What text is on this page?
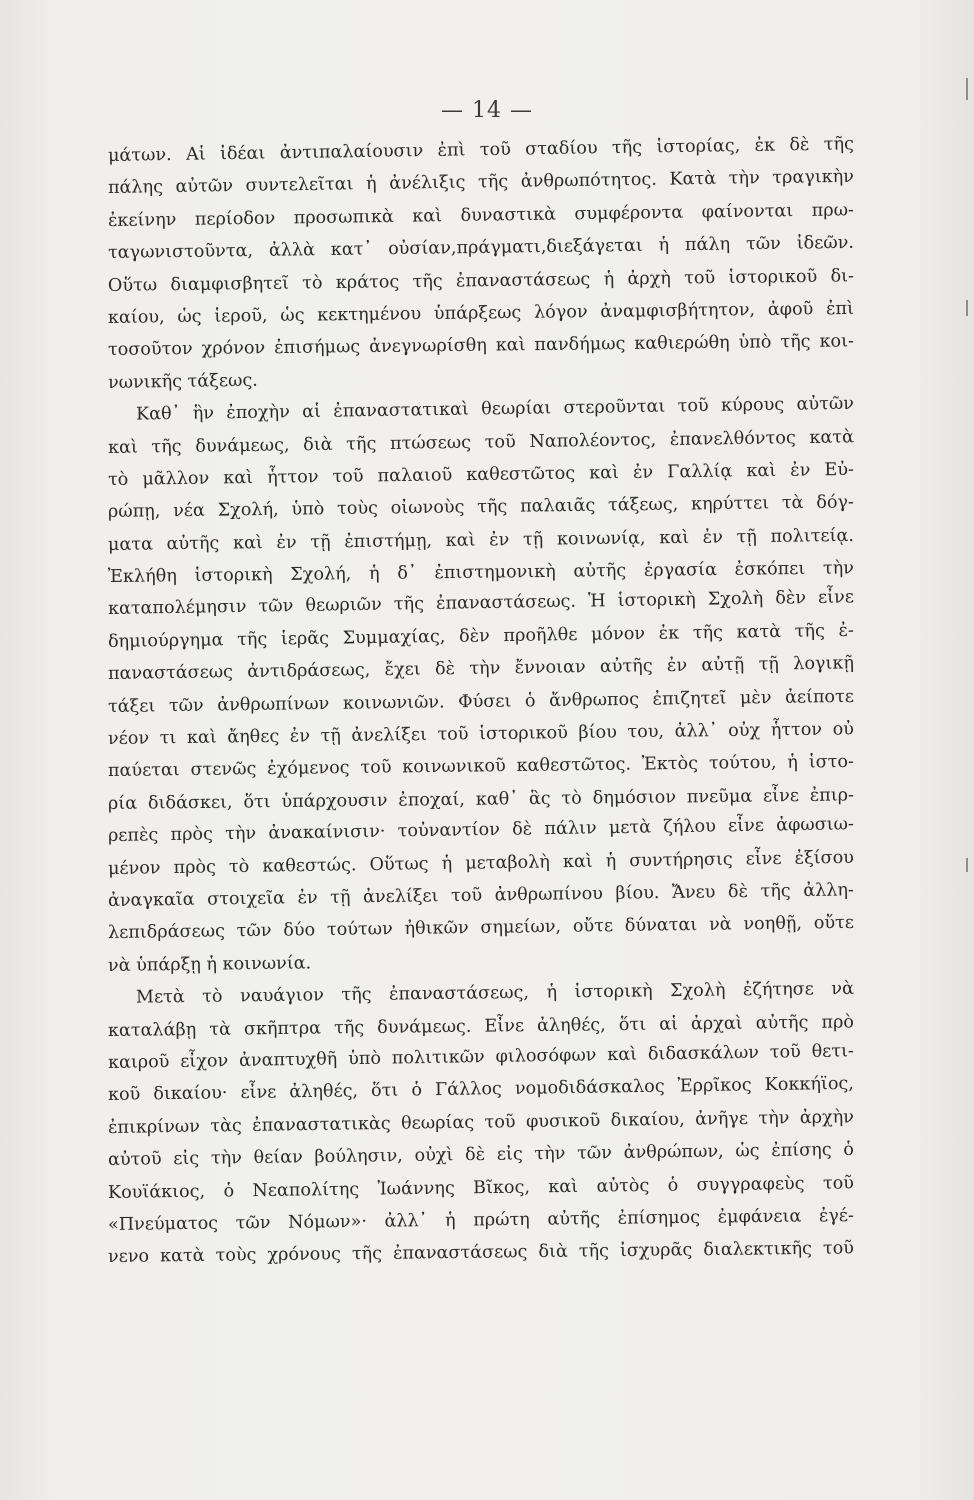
— 14 —
μάτων. Αἱ ἰδέαι ἀντιπαλαίουσιν ἐπὶ τοῦ σταδίου τῆς ἱστορίας, ἐκ δὲ τῆς
πάλης αὐτῶν συντελεῖται ἡ ἀνέλιξις τῆς ἀνθρωπότητος. Κατὰ τὴν τραγικὴν
ἐκείνην περίοδον προσωπικὰ καὶ δυναστικὰ συμφέροντα φαίνονται πρω-
ταγωνιστοῦντα, ἀλλὰ κατ᾽ οὐσίαν,πράγματι,διεξάγεται ἡ πάλη τῶν ἰδεῶν.
Οὕτω διαμφισβητεῖ τὸ κράτος τῆς ἐπαναστάσεως ἡ ἀρχὴ τοῦ ἱστορικοῦ δι-
καίου, ὡς ἱεροῦ, ὡς κεκτημένου ὑπάρξεως λόγον ἀναμφισβήτητον, ἀφοῦ ἐπὶ
τοσοῦτον χρόνον ἐπισήμως ἀνεγνωρίσθη καὶ πανδήμως καθιερώθη ὑπὸ τῆς κοι-
νωνικῆς τάξεως.
Καθ᾽ ἣν ἐποχὴν αἱ ἐπαναστατικαὶ θεωρίαι στεροῦνται τοῦ κύρους αὐτῶν
καὶ τῆς δυνάμεως, διὰ τῆς πτώσεως τοῦ Ναπολέοντος, ἐπανελθόντος κατὰ
τὸ μᾶλλον καὶ ἧττον τοῦ παλαιοῦ καθεστῶτος καὶ ἐν Γαλλίᾳ καὶ ἐν Εὐ-
ρώπῃ, νέα Σχολή, ὑπὸ τοὺς οἰωνοὺς τῆς παλαιᾶς τάξεως, κηρύττει τὰ δόγ-
ματα αὐτῆς καὶ ἐν τῇ ἐπιστήμῃ, καὶ ἐν τῇ κοινωνίᾳ, καὶ ἐν τῇ πολιτείᾳ.
Ἐκλήθη ἱστορικὴ Σχολή, ἡ δ᾽ ἐπιστημονικὴ αὐτῆς ἐργασία ἐσκόπει τὴν
καταπολέμησιν τῶν θεωριῶν τῆς ἐπαναστάσεως. Ἡ ἱστορικὴ Σχολὴ δὲν εἶνε
δημιούργημα τῆς ἱερᾶς Συμμαχίας, δὲν προῆλθε μόνον ἐκ τῆς κατὰ τῆς ἐ-
παναστάσεως ἀντιδράσεως, ἔχει δὲ τὴν ἔννοιαν αὐτῆς ἐν αὐτῇ τῇ λογικῇ
τάξει τῶν ἀνθρωπίνων κοινωνιῶν. Φύσει ὁ ἄνθρωπος ἐπιζητεῖ μὲν ἀείποτε
νέον τι καὶ ἄηθες ἐν τῇ ἀνελίξει τοῦ ἱστορικοῦ βίου του, ἀλλ᾽ οὐχ ἧττον οὐ
παύεται στενῶς ἐχόμενος τοῦ κοινωνικοῦ καθεστῶτος. Ἐκτὸς τούτου, ἡ ἱστο-
ρία διδάσκει, ὅτι ὑπάρχουσιν ἐποχαί, καθ᾽ ἃς τὸ δημόσιον πνεῦμα εἶνε ἐπιρ-
ρεπὲς πρὸς τὴν ἀνακαίνισιν· τοὐναντίον δὲ πάλιν μετὰ ζήλου εἶνε ἀφωσιω-
μένον πρὸς τὸ καθεστώς. Οὕτως ἡ μεταβολὴ καὶ ἡ συντήρησις εἶνε ἐξίσου
ἀναγκαῖα στοιχεῖα ἐν τῇ ἀνελίξει τοῦ ἀνθρωπίνου βίου. Ἄνευ δὲ τῆς ἀλλη-
λεπιδράσεως τῶν δύο τούτων ἠθικῶν σημείων, οὔτε δύναται νὰ νοηθῇ, οὔτε
νὰ ὑπάρξῃ ἡ κοινωνία.
Μετὰ τὸ ναυάγιον τῆς ἐπαναστάσεως, ἡ ἱστορικὴ Σχολὴ ἐζήτησε νὰ
καταλάβῃ τὰ σκῆπτρα τῆς δυνάμεως. Εἶνε ἀληθές, ὅτι αἱ ἀρχαὶ αὐτῆς πρὸ
καιροῦ εἶχον ἀναπτυχθῆ ὑπὸ πολιτικῶν φιλοσόφων καὶ διδασκάλων τοῦ θετι-
κοῦ δικαίου· εἶνε ἀληθές, ὅτι ὁ Γάλλος νομοδιδάσκαλος Ἐρρῖκος Κοκκήϊος,
ἐπικρίνων τὰς ἐπαναστατικὰς θεωρίας τοῦ φυσικοῦ δικαίου, ἀνῆγε τὴν ἀρχὴν
αὐτοῦ εἰς τὴν θείαν βούλησιν, οὐχὶ δὲ εἰς τὴν τῶν ἀνθρώπων, ὡς ἐπίσης ὁ
Κουϊάκιος, ὁ Νεαπολίτης Ἰωάννης Βῖκος, καὶ αὐτὸς ὁ συγγραφεὺς τοῦ
«Πνεύματος τῶν Νόμων»· ἀλλ᾽ ἡ πρώτη αὐτῆς ἐπίσημος ἐμφάνεια ἐγέ-
νενο κατὰ τοὺς χρόνους τῆς ἐπαναστάσεως διὰ τῆς ἰσχυρᾶς διαλεκτικῆς τοῦ
